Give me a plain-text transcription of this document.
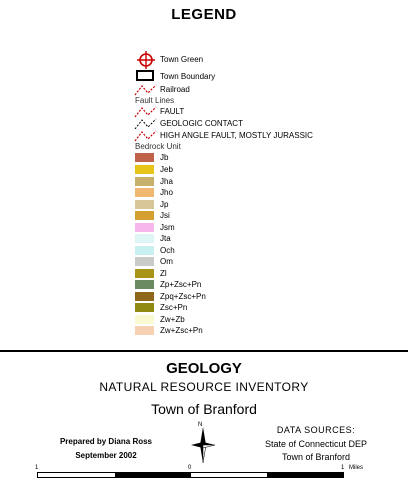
LEGEND
Town Green
Town Boundary
Railroad
Fault Lines
FAULT
GEOLOGIC CONTACT
HIGH ANGLE FAULT, MOSTLY JURASSIC
Bedrock Unit
Jb
Jeb
Jha
Jho
Jp
Jsi
Jsm
Jta
Och
Om
Zl
Zp+Zsc+Pn
Zpq+Zsc+Pn
Zsc+Pn
Zw+Zb
Zw+Zsc+Pn
GEOLOGY
NATURAL RESOURCE INVENTORY
Town of Branford
Prepared by Diana Ross
September 2002
N	DATA SOURCES:
State of Connecticut DEP
Town of Branford
1	0	1 Miles
